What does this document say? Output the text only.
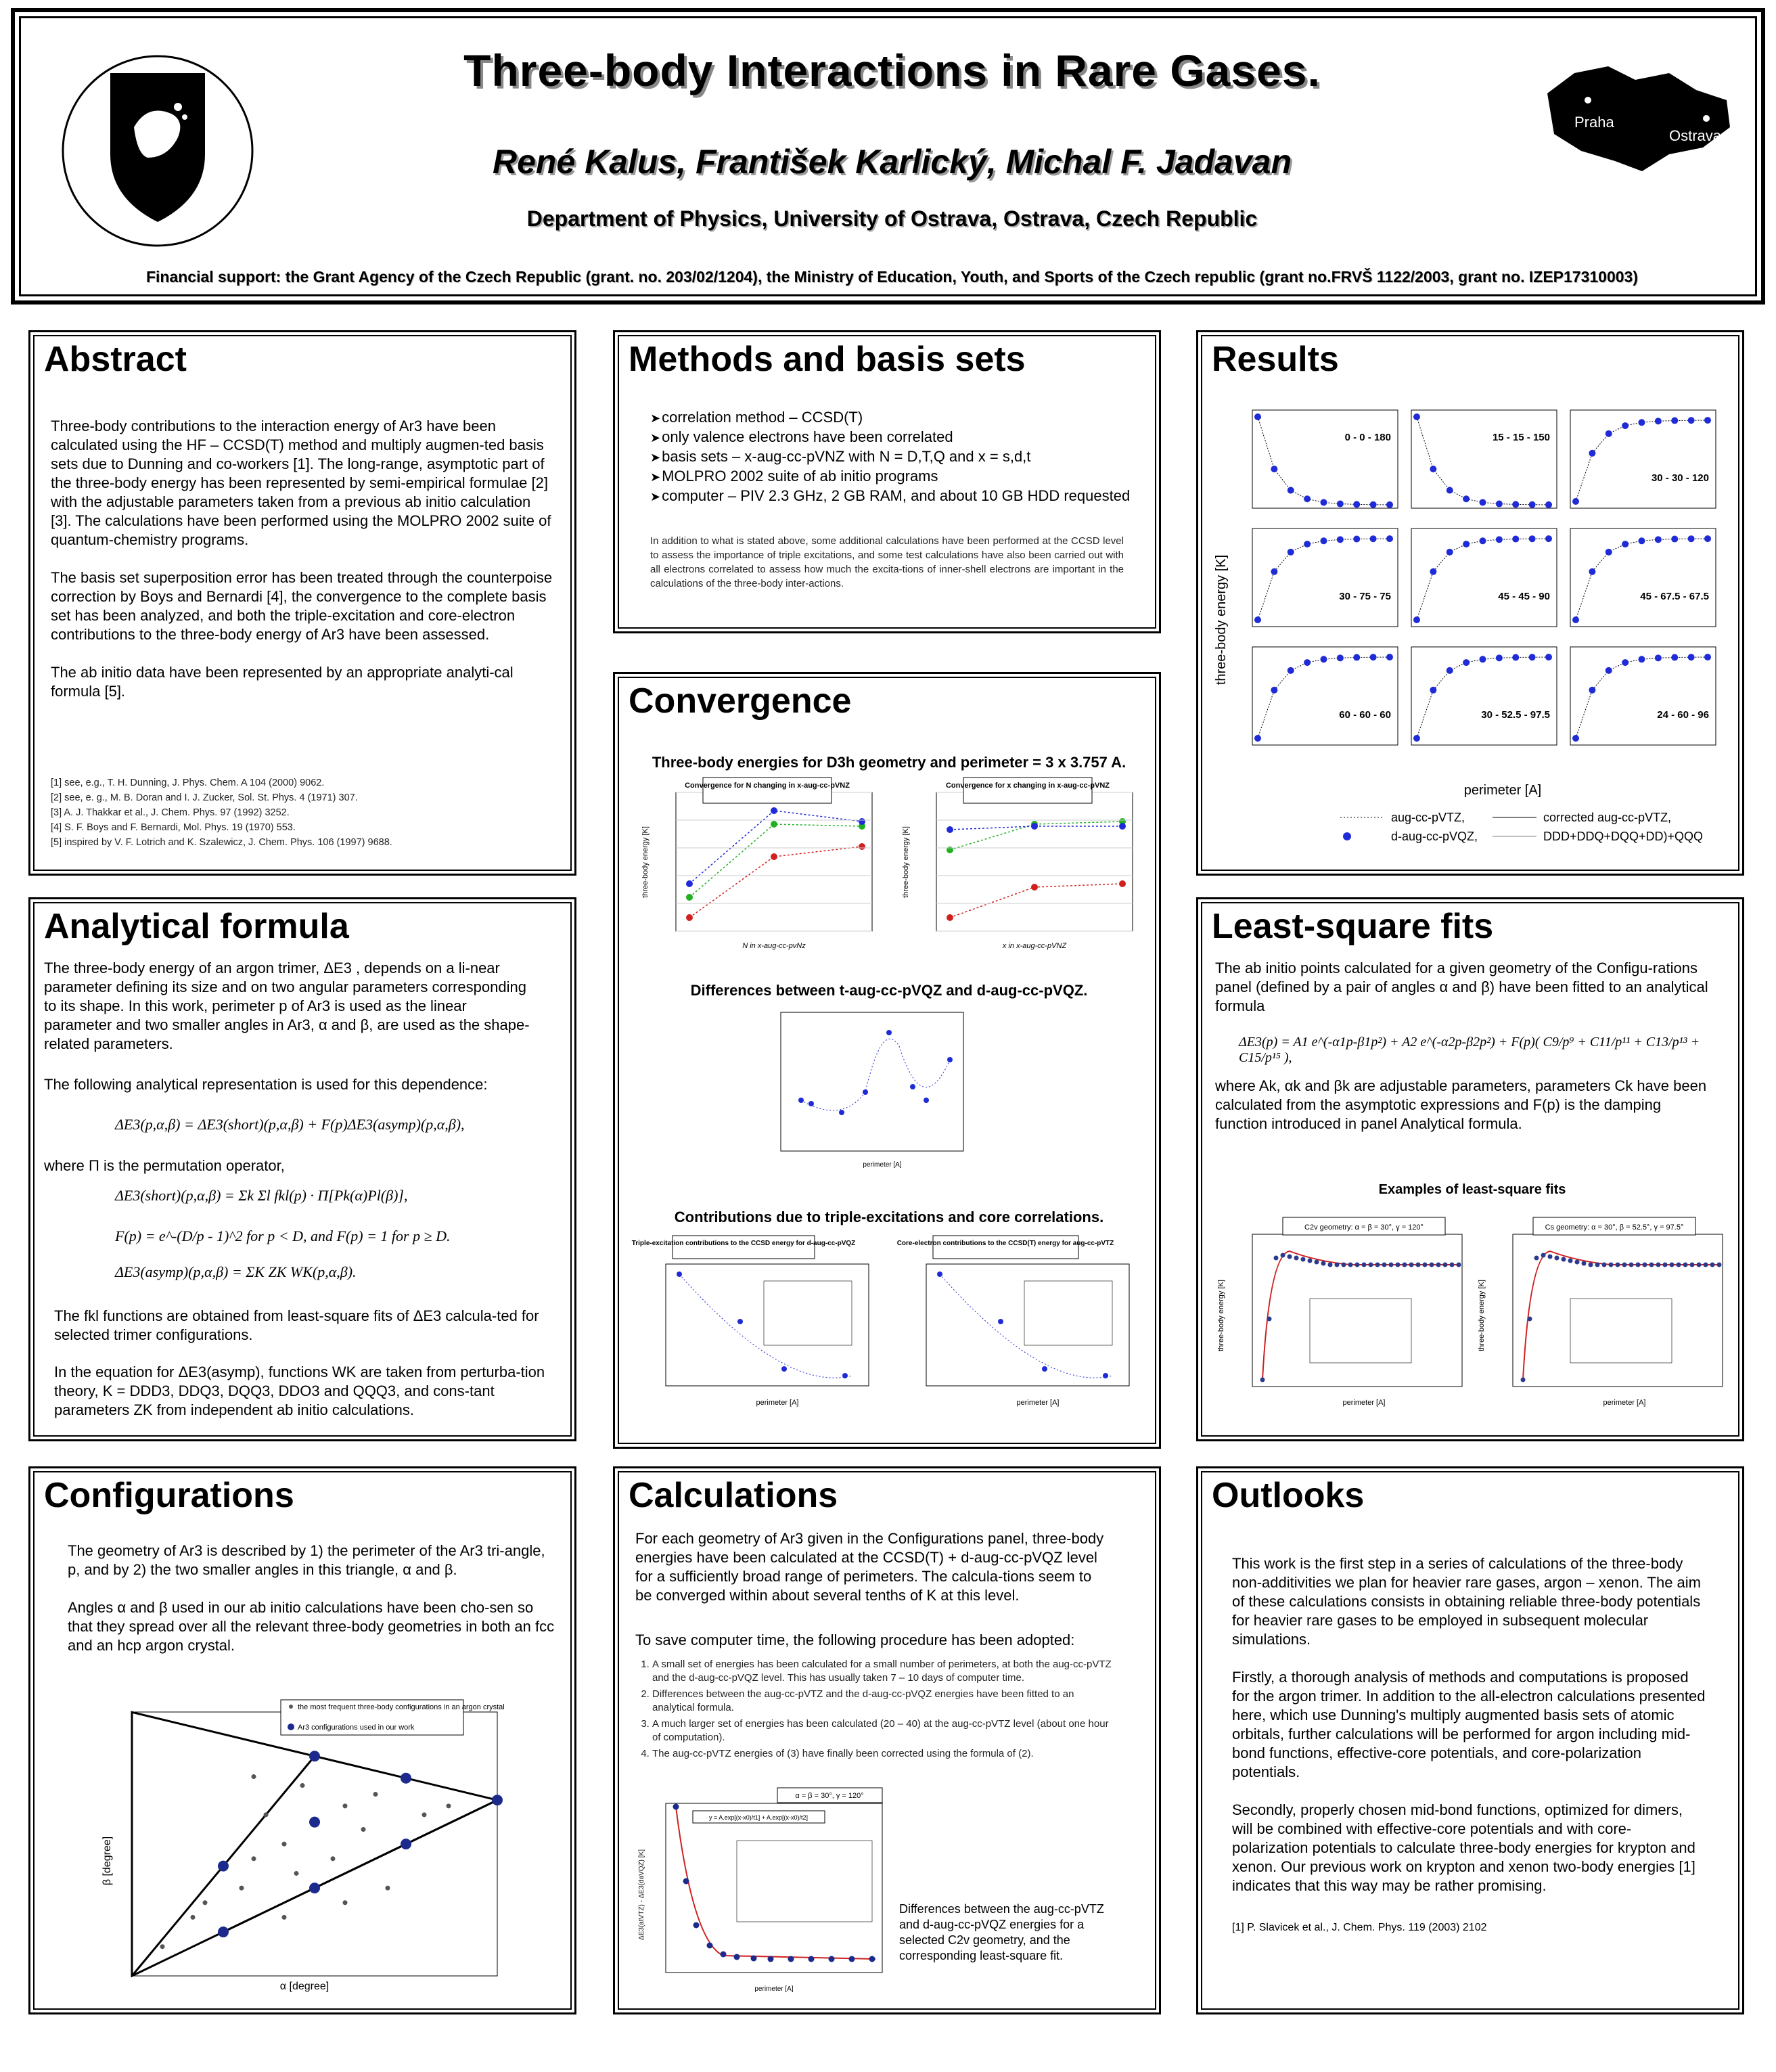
Three-body Interactions in Rare Gases.
René Kalus, František Karlický, Michal F. Jadavan
Department of Physics, University of Ostrava, Ostrava, Czech Republic
Financial support: the Grant Agency of the Czech Republic (grant. no. 203/02/1204), the Ministry of Education, Youth, and Sports of the Czech republic (grant no.FRVŠ 1122/2003, grant no. IZEP17310003)
Praha
Ostrava
Abstract

Three-body contributions to the interaction energy of Ar3 have been calculated using the HF – CCSD(T) method and multiply augmen-ted basis sets due to Dunning and co-workers [1]. The long-range, asymptotic part of the three-body energy has been represented by semi-empirical formulae [2] with the adjustable parameters taken from a previous ab initio calculation [3]. The calculations have been performed using the MOLPRO 2002 suite of quantum-chemistry programs.

The basis set superposition error has been treated through the counterpoise correction by Boys and Bernardi [4], the convergence to the complete basis set has been analyzed, and both the triple-excitation and core-electron contributions to the three-body energy of Ar3 have been assessed.

The ab initio data have been represented by an appropriate analyti-cal formula [5].

[1] see, e.g., T. H. Dunning, J. Phys. Chem. A 104 (2000) 9062.
[2] see, e. g., M. B. Doran and I. J. Zucker, Sol. St. Phys. 4 (1971) 307.
[3] A. J. Thakkar et al., J. Chem. Phys. 97 (1992) 3252.
[4] S. F. Boys and F. Bernardi, Mol. Phys. 19 (1970) 553.
[5] inspired by V. F. Lotrich and K. Szalewicz, J. Chem. Phys. 106 (1997) 9688.
Methods and basis sets
➤ correlation method – CCSD(T)
➤ only valence electrons have been correlated
➤ basis sets – x-aug-cc-pVNZ with N = D,T,Q and x = s,d,t
➤ MOLPRO 2002 suite of ab initio programs
➤ computer – PIV 2.3 GHz, 2 GB RAM, and about 10 GB HDD requested
In addition to what is stated above, some additional calculations have been performed at the CCSD level to assess the importance of triple excitations, and some test calculations have also been carried out with all electrons correlated to assess how much the excita-tions of inner-shell electrons are important in the calculations of the three-body inter-actions.
Results
three-body energy [K]
perimeter [A]
0 - 0 - 180	15 - 15 - 150
30 - 30 - 120
30 - 75 - 75	45 - 45 - 90	45 - 67.5 - 67.5
60 - 60 - 60	30 - 52.5 - 97.5	24 - 60 - 96
aug-cc-pVTZ,	corrected aug-cc-pVTZ,
d-aug-cc-pVQZ,	DDD+DDQ+DQQ+DD)+QQQ
Convergence
Three-body energies for D3h geometry and perimeter = 3 x 3.757 A.
Convergence for N changing in x-aug-cc-pVNZ
N in x-aug-cc-pvNz
three-body energy [K]
Convergence for x changing in x-aug-cc-pVNZ
x in x-aug-cc-pVNZ
three-body energy [K]
Differences between t-aug-cc-pVQZ and d-aug-cc-pVQZ.
perimeter [A]
Contributions due to triple-excitations and core correlations.
Triple-excitation contributions to the CCSD energy for d-aug-cc-pVQZ
perimeter [A]
Core-electron contributions to the CCSD(T) energy for aug-cc-pVTZ
perimeter [A]
Analytical formula
The three-body energy of an argon trimer, ΔE3 , depends on a li-near parameter defining its size and on two angular parameters corresponding to its shape. In this work, perimeter p of Ar3 is used as the linear parameter and two smaller angles in Ar3, α and β, are used as the shape-related parameters.
The following analytical representation is used for this dependence:
ΔE3(p,α,β) = ΔE3(short)(p,α,β) + F(p)ΔE3(asymp)(p,α,β),
where Π is the permutation operator,
ΔE3(short)(p,α,β) = Σk Σl fkl(p) · Π[Pk(α)Pl(β)],
F(p) = e^-(D/p - 1)^2 for p < D, and F(p) = 1 for p ≥ D.
ΔE3(asymp)(p,α,β) = ΣK ZK WK(p,α,β).
The fkl functions are obtained from least-square fits of ΔE3 calcula-ted for selected trimer configurations.
In the equation for ΔE3(asymp), functions WK are taken from perturba-tion theory, K = DDD3, DDQ3, DQQ3, DDO3 and QQQ3, and cons-tant parameters ZK from independent ab initio calculations.
Least-square fits
The ab initio points calculated for a given geometry of the Configu-rations panel (defined by a pair of angles α and β) have been fitted to an analytical formula
ΔE3(p) = A1 e^(-α1p-β1p²) + A2 e^(-α2p-β2p²) + F(p)( C9/p⁹ + C11/p¹¹ + C13/p¹³ + C15/p¹⁵ ),
where Ak, αk and βk are adjustable parameters, parameters Ck have been calculated from the asymptotic expressions and F(p) is the damping function introduced in panel Analytical formula.
Examples of least-square fits
C2v geometry: α = β = 30°, γ = 120°
perimeter [A]
three-body energy [K]
Cs geometry: α = 30°, β = 52.5°, γ = 97.5°
perimeter [A]
three-body energy [K]
Configurations

The geometry of Ar3 is described by 1) the perimeter of the Ar3 tri-angle, p, and by 2) the two smaller angles in this triangle, α and β.

Angles α and β used in our ab initio calculations have been cho-sen so that they spread over all the relevant three-body geometries in both an fcc and an hcp argon crystal.

the most frequent three-body configurations in an argon crystal
Ar3 configurations used in our work
α [degree]
β [degree]
Calculations
For each geometry of Ar3 given in the Configurations panel, three-body energies have been calculated at the CCSD(T) + d-aug-cc-pVQZ level for a sufficiently broad range of perimeters. The calcula-tions seem to be converged within about several tenths of K at this level.
To save computer time, the following procedure has been adopted:
1. A small set of energies has been calculated for a small number of perimeters, at both the aug-cc-pVTZ and the d-aug-cc-pVQZ level. This has usually taken 7 – 10 days of computer time.
2. Differences between the aug-cc-pVTZ and the d-aug-cc-pVQZ energies have been fitted to an analytical formula.
3. A much larger set of energies has been calculated (20 – 40) at the aug-cc-pVTZ level (about one hour of computation).
4. The aug-cc-pVTZ energies of (3) have finally been corrected using the formula of (2).
α = β = 30°, γ = 120°
y = A.exp[(x-x0)/t1] + A.exp[(x-x0)/t2]
perimeter [A]
ΔE3(atVTZ) - ΔE3(daVQZ) [K]	Differences between the aug-cc-pVTZ and d-aug-cc-pVQZ energies for a selected C2v geometry, and the corresponding least-square fit.
Outlooks

This work is the first step in a series of calculations of the three-body non-additivities we plan for heavier rare gases, argon – xenon. The aim of these calculations consists in obtaining reliable three-body potentials for heavier rare gases to be employed in subsequent molecular simulations.

Firstly, a thorough analysis of methods and computations is proposed for the argon trimer. In addition to the all-electron calculations presented here, which use Dunning's multiply augmented basis sets of atomic orbitals, further calculations will be performed for argon including mid-bond functions, effective-core potentials, and core-polarization potentials.

Secondly, properly chosen mid-bond functions, optimized for dimers, will be combined with effective-core potentials and with core-polarization potentials to calculate three-body energies for krypton and xenon. Our previous work on krypton and xenon two-body energies [1] indicates that this way may be rather promising.

[1] P. Slavicek et al., J. Chem. Phys. 119 (2003) 2102
